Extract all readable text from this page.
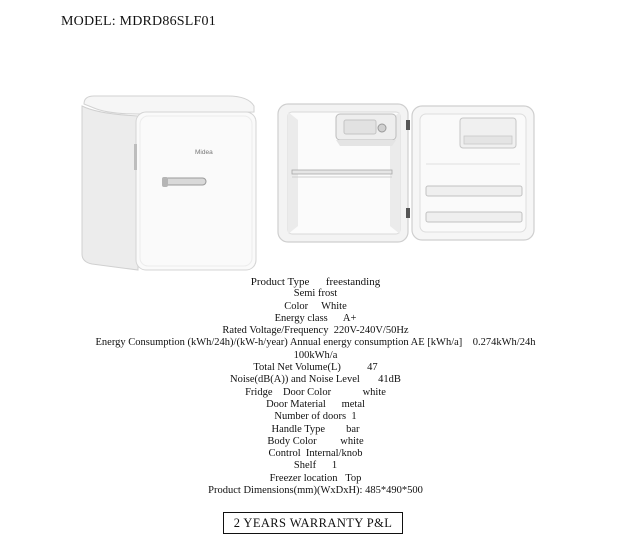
MODEL: MDRD86SLF01
Midea
Product Type      freestanding
Semi frost
Color     White
Energy class      A+
Rated Voltage/Frequency  220V-240V/50Hz
Energy Consumption (kWh/24h)/(kW-h/year) Annual energy consumption AE [kWh/a]    0.274kWh/24h
100kWh/a
Total Net Volume(L)          47
Noise(dB(A)) and Noise Level       41dB
Fridge    Door Color            white
Door Material      metal
Number of doors  1
Handle Type        bar
Body Color         white
Control  Internal/knob
Shelf      1
Freezer location   Top
Product Dimensions(mm)(WxDxH): 485*490*500
2 YEARS WARRANTY P&L
